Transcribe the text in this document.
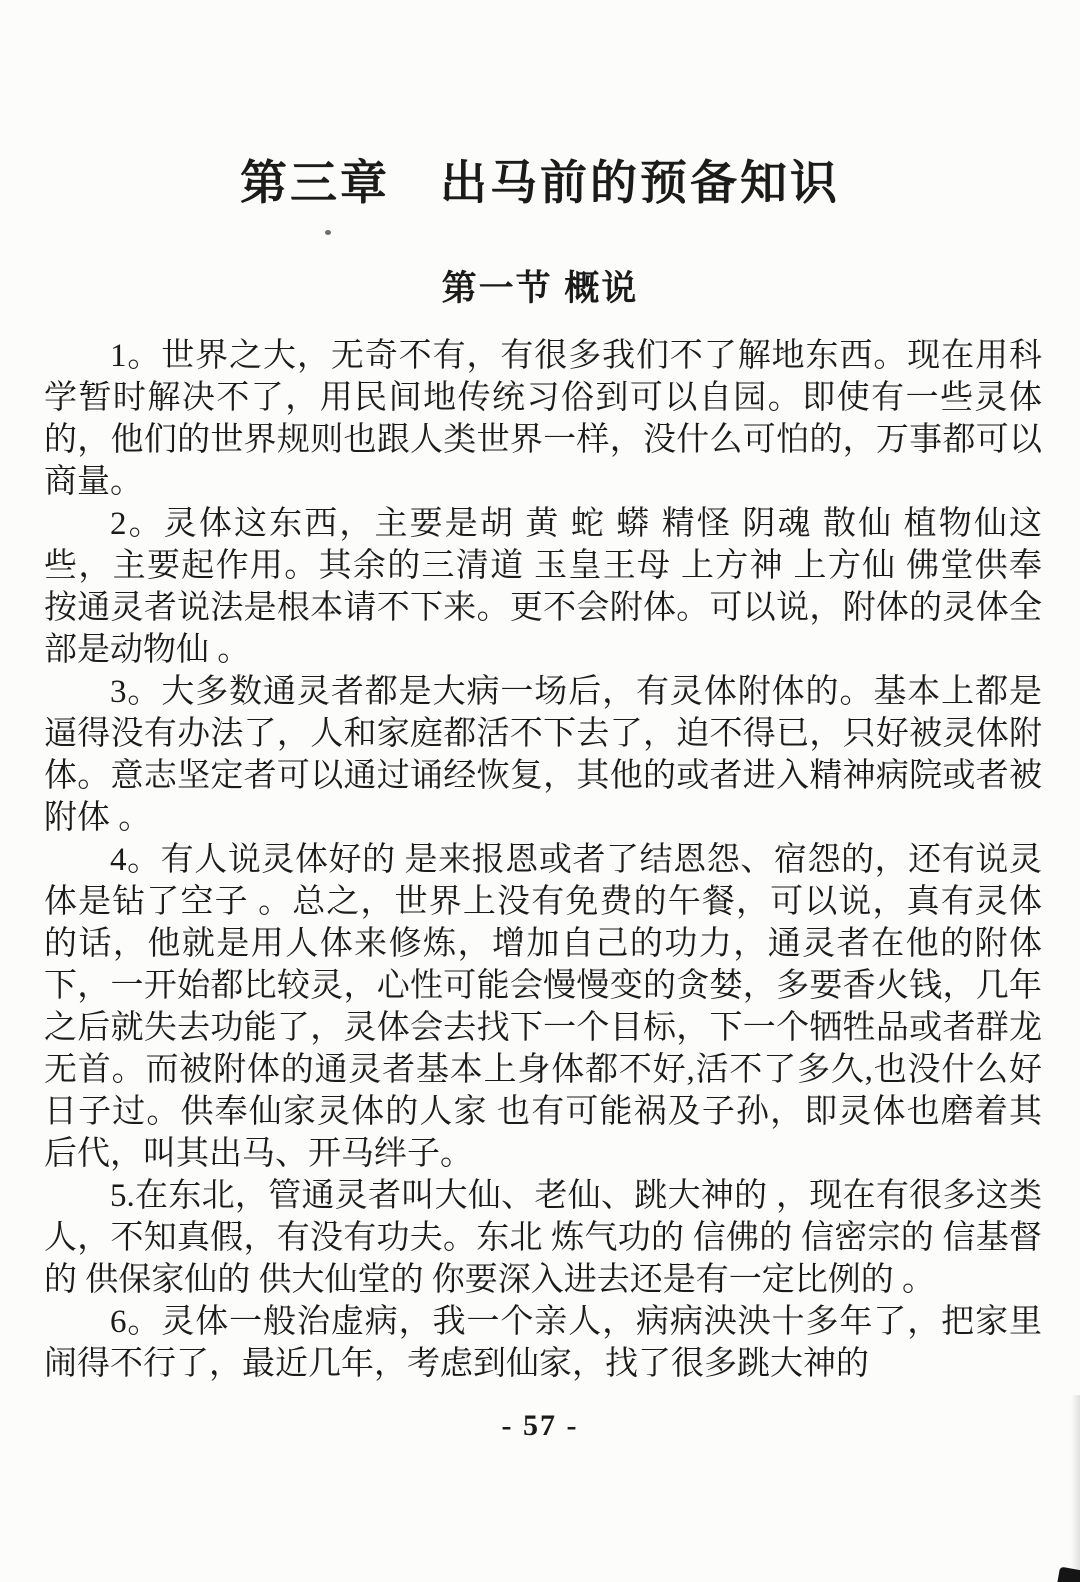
第三章　出马前的预备知识
第一节 概说

1。世界之大，无奇不有，有很多我们不了解地东西。现在用科学暂时解决不了，用民间地传统习俗到可以自园。即使有一些灵体的，他们的世界规则也跟人类世界一样，没什么可怕的，万事都可以商量。

2。灵体这东西，主要是胡 黄 蛇 蟒 精怪 阴魂 散仙 植物仙这些，主要起作用。其余的三清道 玉皇王母 上方神 上方仙 佛堂供奉 按通灵者说法是根本请不下来。更不会附体。可以说，附体的灵体全部是动物仙 。

3。大多数通灵者都是大病一场后，有灵体附体的。基本上都是逼得没有办法了，人和家庭都活不下去了，迫不得已，只好被灵体附体。意志坚定者可以通过诵经恢复，其他的或者进入精神病院或者被附体 。

4。有人说灵体好的 是来报恩或者了结恩怨、宿怨的，还有说灵体是钻了空子 。总之，世界上没有免费的午餐，可以说，真有灵体的话，他就是用人体来修炼，增加自己的功力，通灵者在他的附体下，一开始都比较灵，心性可能会慢慢变的贪婪，多要香火钱，几年之后就失去功能了，灵体会去找下一个目标，下一个牺牲品或者群龙无首。而被附体的通灵者基本上身体都不好,活不了多久,也没什么好日子过。供奉仙家灵体的人家 也有可能祸及子孙，即灵体也磨着其后代，叫其出马、开马绊子。

5.在东北，管通灵者叫大仙、老仙、跳大神的 ，现在有很多这类人，不知真假，有没有功夫。东北 炼气功的 信佛的 信密宗的 信基督的 供保家仙的 供大仙堂的 你要深入进去还是有一定比例的 。

6。灵体一般治虚病，我一个亲人，病病泱泱十多年了，把家里闹得不行了，最近几年，考虑到仙家，找了很多跳大神的

- 57 -
